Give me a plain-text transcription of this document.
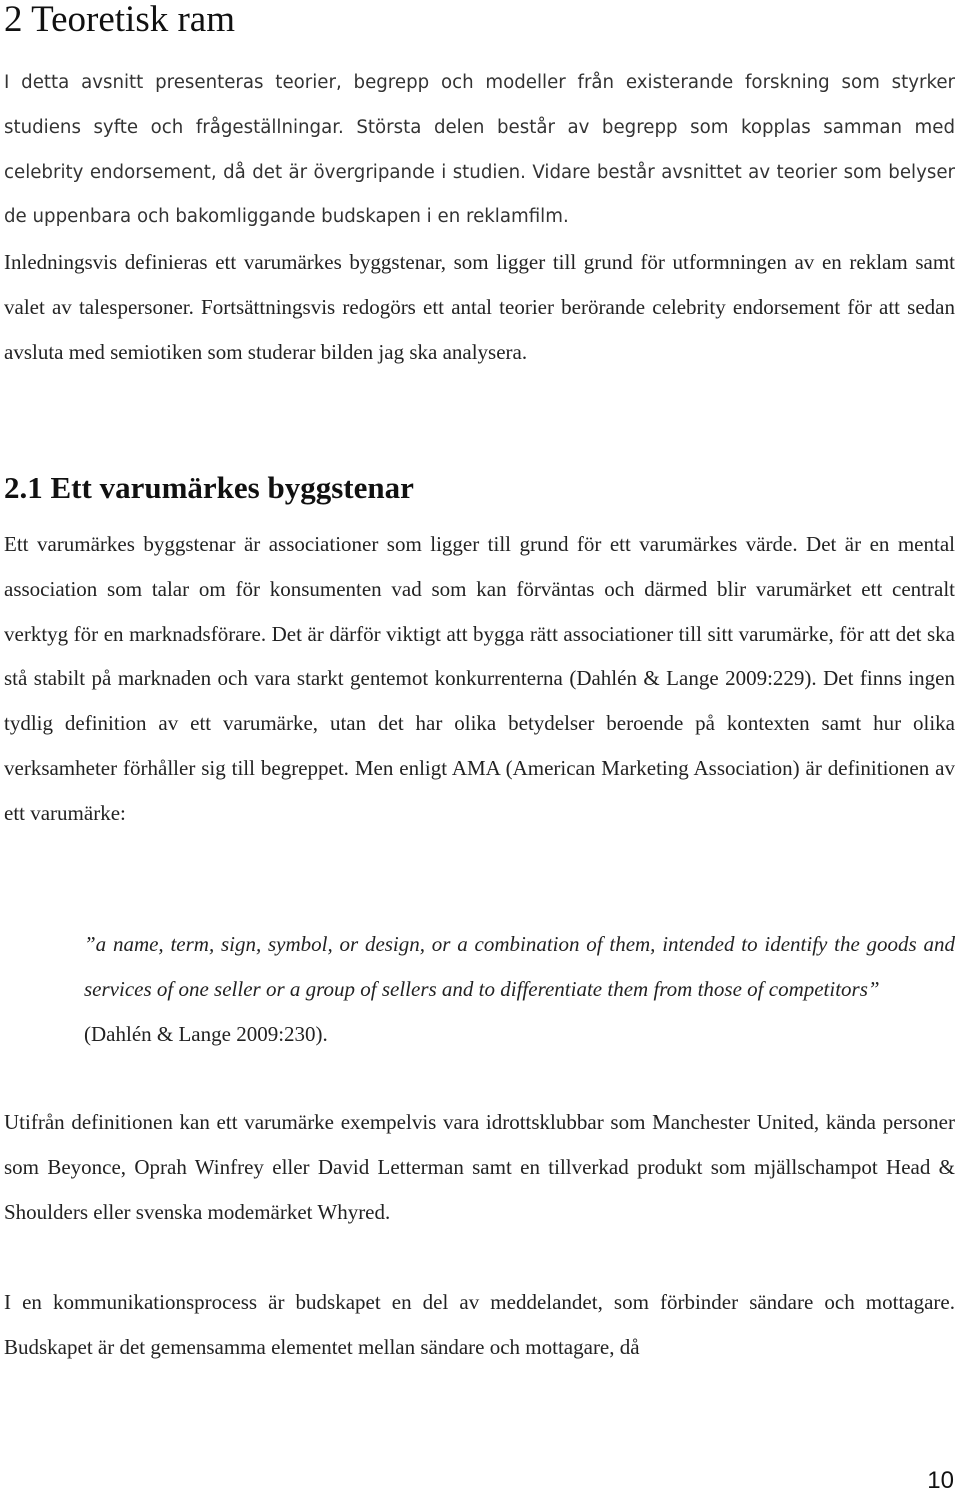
2 Teoretisk ram

I detta avsnitt presenteras teorier, begrepp och modeller från existerande forskning som styrker studiens syfte och frågeställningar. Största delen består av begrepp som kopplas samman med celebrity endorsement, då det är övergripande i studien. Vidare består avsnittet av teorier som belyser de uppenbara och bakomliggande budskapen i en reklamfilm.

Inledningsvis definieras ett varumärkes byggstenar, som ligger till grund för utformningen av en reklam samt valet av talespersoner. Fortsättningsvis redogörs ett antal teorier berörande celebrity endorsement för att sedan avsluta med semiotiken som studerar bilden jag ska analysera.

2.1 Ett varumärkes byggstenar

Ett varumärkes byggstenar är associationer som ligger till grund för ett varumärkes värde. Det är en mental association som talar om för konsumenten vad som kan förväntas och därmed blir varumärket ett centralt verktyg för en marknadsförare. Det är därför viktigt att bygga rätt associationer till sitt varumärke, för att det ska stå stabilt på marknaden och vara starkt gentemot konkurrenterna (Dahlén & Lange 2009:229). Det finns ingen tydlig definition av ett varumärke, utan det har olika betydelser beroende på kontexten samt hur olika verksamheter förhåller sig till begreppet. Men enligt AMA (American Marketing Association) är definitionen av ett varumärke:

”a name, term, sign, symbol, or design, or a combination of them, intended to identify the goods and services of one seller or a group of sellers and to differentiate them from those of competitors”
(Dahlén & Lange 2009:230).

Utifrån definitionen kan ett varumärke exempelvis vara idrottsklubbar som Manchester United, kända personer som Beyonce, Oprah Winfrey eller David Letterman samt en tillverkad produkt som mjällschampot Head & Shoulders eller svenska modemärket Whyred.

I en kommunikationsprocess är budskapet en del av meddelandet, som förbinder sändare och mottagare. Budskapet är det gemensamma elementet mellan sändare och mottagare, då

10
